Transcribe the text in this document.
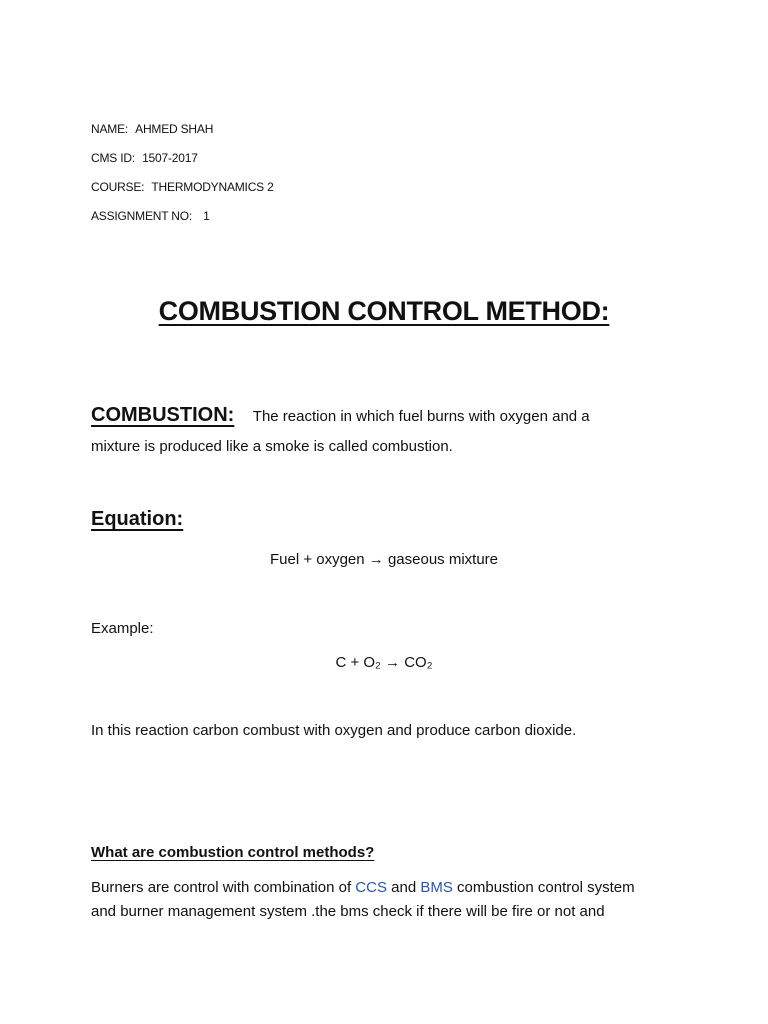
NAME: AHMED SHAH
CMS ID: 1507-2017
COURSE: THERMODYNAMICS 2
ASSIGNMENT NO: 1
COMBUSTION CONTROL METHOD:
COMBUSTION: The reaction in which fuel burns with oxygen and a
mixture is produced like a smoke is called combustion.
Equation:
Fuel + oxygen → gaseous mixture
Example:
C + O₂ → CO₂
In this reaction carbon combust with oxygen and produce carbon dioxide.
What are combustion control methods?
Burners are control with combination of CCS and BMS combustion control system
and burner management system .the bms check if there will be fire or not and
